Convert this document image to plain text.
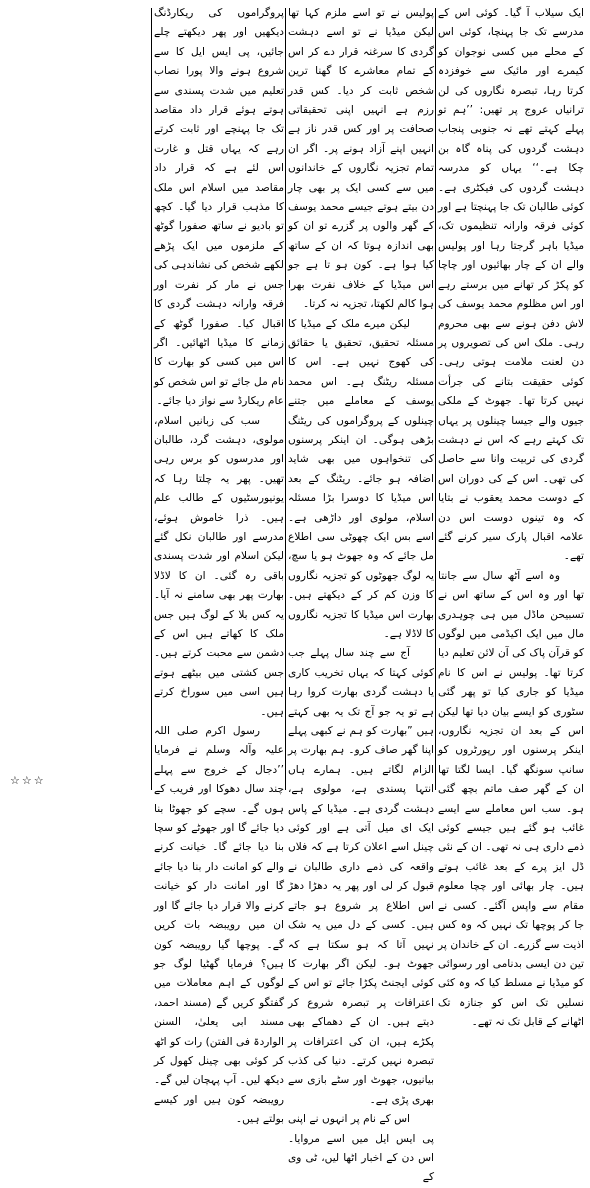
ایک سیلاب آ گیا۔ کوئی اس کے مدرسے تک جا پہنچا، کوئی اس کے محلے میں کسی نوجوان کو کیمرے اور مائیک سے خوفزدہ کرتا رہا، تبصرہ نگاروں کی لن ترانیاں عروج پر تھیں: ’’ہم تو پہلے کہتے تھے نہ جنوبی پنجاب دہشت گردوں کی پناہ گاہ بن چکا ہے۔‘‘ یہاں کو مدرسہ دہشت گردوں کی فیکٹری ہے۔ کوئی طالبان تک جا پہنچتا ہے اور کوئی فرقہ وارانہ تنظیموں تک، میڈیا باہر گرجتا رہا اور پولیس والے ان کے چار بھائیوں اور چاچا کو پکڑ کر تھانے میں برستے رہے اور اس مظلوم محمد یوسف کی لاش دفن ہونے سے بھی محروم رہی۔ ملک اس کی تصویروں پر دن لعنت ملامت ہوتی رہی۔ کوئی حقیقت بتانے کی جرأت نہیں کرتا تھا۔ جھوٹ کے ملکی جیوں والے جیسا چینلوں پر یہاں تک کہتے رہے کہ اس نے دہشت گردی کی تربیت وانا سے حاصل کی تھی۔ اس کے کی دوران اس کے دوست محمد یعقوب نے بتایا کہ وہ تینوں دوست اس دن علامہ اقبال پارک سیر کرنے گئے تھے۔

وہ اسے آٹھ سال سے جانتا تھا اور وہ اس کے ساتھ اس نے تسبیحن ماڈل میں ہی چوہدری مال میں ایک اکیڈمی میں لوگوں کو قرآن پاک کی آن لائن تعلیم دیا کرتا تھا۔ پولیس نے اس کا نام میڈیا کو جاری کیا تو پھر گئی سٹوری کو ایسے بیان دیا تھا لیکن اس کے بعد ان تجزیہ نگاروں، اینکر پرسنوں اور رپورٹروں کو سانپ سونگھ گیا۔ ایسا لگتا تھا ان کے گھر صف ماتم بچھ گئی ہو۔ سب اس معاملے سے ایسے غائب ہو گئے ہیں جیسے کوئی ذمے داری ہی نہ تھی۔ ان کے نئی ڈل ایز پرے کے بعد غائب ہوتے ہیں۔ چار بھائی اور چچا معلوم مقام سے واپس آگئے۔ کسی نے جا کر پوچھا تک نہیں کہ وہ کس اذیت سے گزرے۔ ان کے خاندان پر تین دن ایسی بدنامی اور رسوائی کو میڈیا نے مسلط کیا کہ وہ کئی نسلیں تک اس کو جنازہ تک اٹھانے کے قابل تک نہ تھے۔

پولیس نے تو اسے ملزم کہا تھا لیکن میڈیا نے تو اسے دہشت گردی کا سرغنہ قرار دے کر اس کے تمام معاشرے کا گھنا ترین شخص ثابت کر دیا۔ کس قدر رزم ہے انہیں اپنی تحقیقاتی صحافت پر اور کس قدر ناز ہے انہیں اپنے آزاد ہونے پر۔ اگر ان تمام تجزیہ نگاروں کے خاندانوں میں سے کسی ایک پر بھی چار دن بیتے ہوتے جیسے محمد یوسف کے گھر والوں پر گزرے تو ان کو بھی اندازہ ہوتا کہ ان کے ساتھ کیا ہوا ہے۔ کون ہو تا ہے جو اس میڈیا کے خلاف نفرت بھرا ہوا کالم لکھتا، تجزیہ نہ کرتا۔

لیکن میرے ملک کے میڈیا کا مسئلہ تحقیق، تحقیق یا حقائق کی کھوج نہیں ہے۔ اس کا مسئلہ ریٹنگ ہے۔ اس محمد یوسف کے معاملے میں جتنے چینلوں کے پروگراموں کی ریٹنگ بڑھی ہوگی۔ ان اینکر پرسنوں کی تنخواہوں میں بھی شاید اضافہ ہو جائے۔ ریٹنگ کے بعد اس میڈیا کا دوسرا بڑا مسئلہ اسلام، مولوی اور داڑھی ہے۔ اسے بس ایک چھوٹی سی اطلاع مل جائے کہ وہ جھوٹ ہو یا سچ، یہ لوگ جھوٹوں کو تجزیہ نگاروں کا وزن کم کر کے دیکھتے ہیں۔ بھارت اس میڈیا کا تجزیہ نگاروں کا لاڈلا ہے۔

آج سے چند سال پہلے جب کوئی کہتا کہ یہاں تخریب کاری یا دہشت گردی بھارت کروا رہا ہے تو یہ جو آج تک یہ بھی کہتے ہیں ”بھارت کو ہم نے کبھی پہلے اپنا گھر صاف کرو۔ ہم بھارت پر الزام لگاتے ہیں۔ ہمارے ہاں انتہا پسندی ہے، مولوی ہے، دہشت گردی ہے۔ میڈیا کے پاس ایک ای میل آتی ہے اور کوئی چینل اسے اعلان کرتا ہے کہ فلاں واقعہ کی ذمے داری طالبان نے قبول کر لی اور پھر یہ دھڑا دھڑ اس اطلاع پر شروع ہو جاتے ہیں۔ کسی کے دل میں یہ شک نہیں آتا کہ ہو سکتا ہے کہ جھوٹ ہو۔ لیکن اگر بھارت کا کوئی ایجنٹ پکڑا جائے تو اس کے اعترافات پر تبصرہ شروع کر دیتے ہیں۔ ان کے دھماکے بھی پکڑے ہیں، ان کی اعترافات پر تبصرہ نہیں کرتے۔ دنیا کی کذب بیانیوں، جھوٹ اور سٹے بازی سے بھری پڑی ہے۔

اس کے نام پر انہوں نے اپنی پی ایس ایل میں اسے مروایا۔ اس دن کے اخبار اٹھا لیں، ٹی وی کے

پروگراموں کی ریکارڈنگ دیکھیں اور پھر دیکھتے چلے جائیں، پی ایس ایل کا سے شروع ہونے والا پورا نصاب تعلیم میں شدت پسندی سے ہوتے ہوئے قرار داد مقاصد تک جا پہنچے اور ثابت کرتے رہے کہ یہاں قتل و غارت اس لئے ہے کہ قرار داد مقاصد میں اسلام اس ملک کا مذہب قرار دیا گیا۔ کچھ تو بادیو نے ساتھ صفورا گوٹھ کے ملزموں میں ایک پڑھے لکھے شخص کی نشاندہی کی جس نے مار کر نفرت اور فرقہ وارانہ دہشت گردی کا اقبال کیا۔ صفورا گوٹھ کے زمانے کا میڈیا اٹھائیں۔ اگر اس میں کسی کو بھارت کا نام مل جائے تو اس شخص کو عام ریکارڈ سے نواز دیا جائے۔

سب کی زبانیں اسلام، مولوی، دہشت گرد، طالبان اور مدرسوں کو برس رہی تھیں۔ پھر یہ چلتا رہا کہ یونیورسٹیوں کے طالب علم ہیں۔ ذرا خاموش ہوئے، مدرسے اور طالبان نکل گئے لیکن اسلام اور شدت پسندی باقی رہ گئی۔ ان کا لاڈلا بھارت پھر بھی سامنے نہ آیا۔ یہ کس بلا کے لوگ ہیں جس ملک کا کھاتے ہیں اس کے دشمن سے محبت کرتے ہیں۔ جس کشتی میں بیٹھے ہوتے ہیں اسی میں سوراخ کرتے ہیں۔

رسول اکرم صلی اللہ علیہ وآلہ وسلم نے فرمایا ’’دجال کے خروج سے پہلے چند سال دھوکا اور فریب کے ہوں گے۔ سچے کو جھوٹا بنا دیا جائے گا اور جھوٹے کو سچا بنا دیا جائے گا۔ خیانت کرنے والے کو امانت دار بنا دیا جائے گا اور امانت دار کو خیانت کرنے والا قرار دیا جائے گا اور ان میں رویبضہ بات کریں گے۔ پوچھا گیا رویبضہ کون ہیں؟ فرمایا گھٹیا لوگ جو لوگوں کے اہم معاملات میں گفتگو کریں گے (مسند احمد، مسند ابی یعلیٰ، السنن الواردۃ فی الفتن) رات کو اٹھ کر کوئی بھی چینل کھول کر دیکھ لیں۔ آپ پہچان لیں گے۔ رویبضہ کون ہیں اور کیسے بولتے ہیں۔

☆☆☆
